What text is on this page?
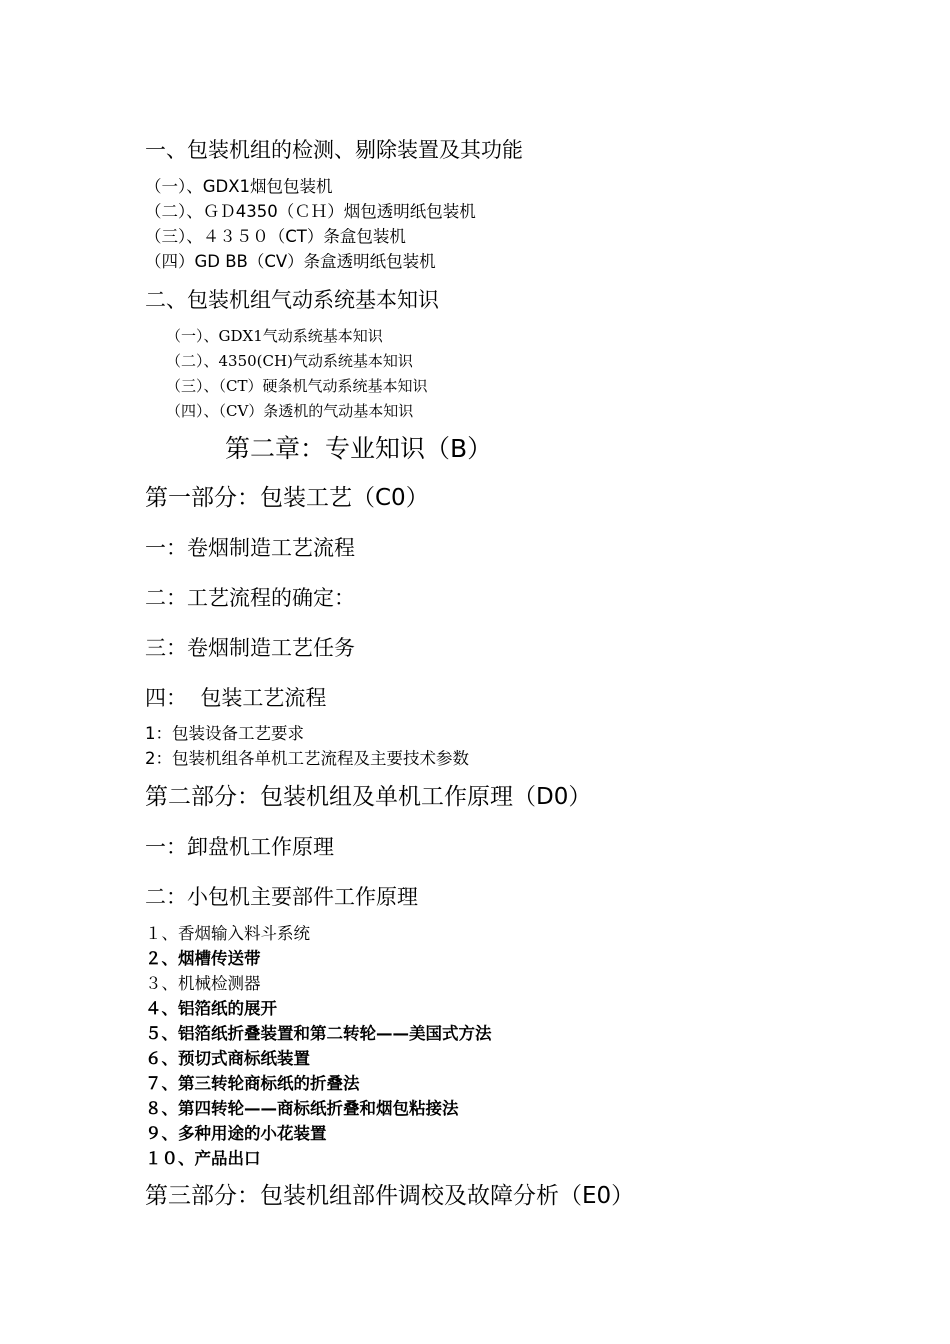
一、包装机组的检测、剔除装置及其功能
（一）、GDX1烟包包装机
（二）、ＧＤ4350（ＣＨ）烟包透明纸包装机
（三）、４３５０（CT）条盒包装机
（四）GD BB（CV）条盒透明纸包装机
二、包装机组气动系统基本知识
（一）、GDX1气动系统基本知识
（二）、4350(CH)气动系统基本知识
（三）、（CT）硬条机气动系统基本知识
（四）、（CV）条透机的气动基本知识
第二章：专业知识（B）
第一部分：包装工艺（C0）
一：卷烟制造工艺流程
二：工艺流程的确定：
三：卷烟制造工艺任务
四：  包装工艺流程
1：包装设备工艺要求
2：包装机组各单机工艺流程及主要技术参数
第二部分：包装机组及单机工作原理（D0）
一：卸盘机工作原理
二：小包机主要部件工作原理
１、香烟输入料斗系统
２、烟槽传送带
３、机械检测器
４、铝箔纸的展开
５、铝箔纸折叠装置和第二转轮——美国式方法
６、预切式商标纸装置
７、第三转轮商标纸的折叠法
８、第四转轮——商标纸折叠和烟包粘接法
９、多种用途的小花装置
１０、产品出口
第三部分：包装机组部件调校及故障分析（E0）
